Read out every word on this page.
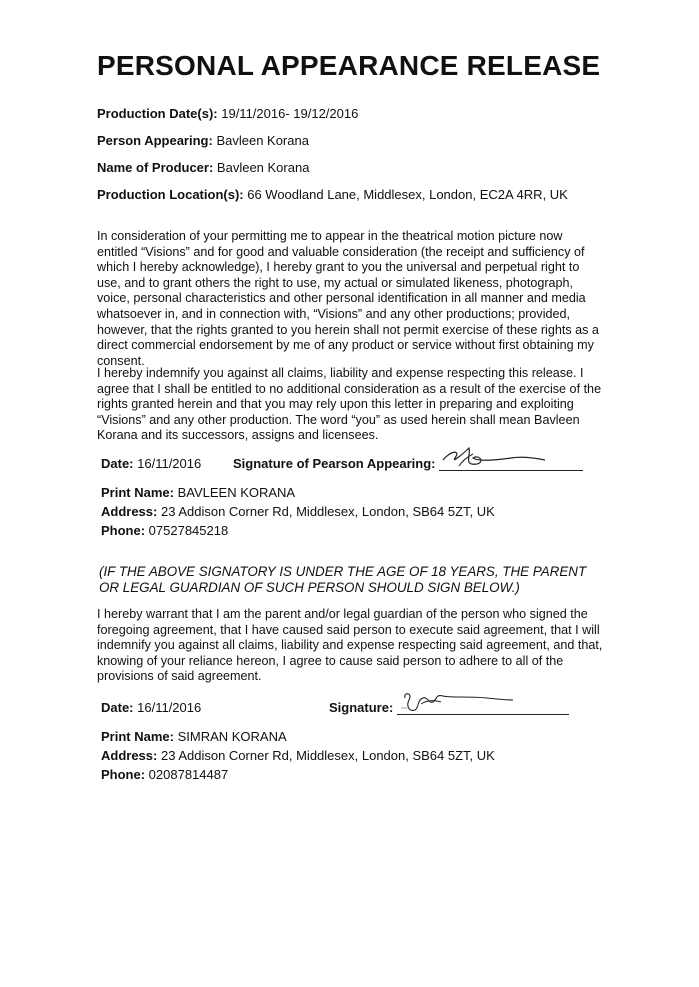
PERSONAL APPEARANCE RELEASE
Production Date(s): 19/11/2016- 19/12/2016
Person Appearing: Bavleen Korana
Name of Producer: Bavleen Korana
Production Location(s): 66 Woodland Lane, Middlesex, London, EC2A 4RR, UK
In consideration of your permitting me to appear in the theatrical motion picture now entitled “Visions” and for good and valuable consideration (the receipt and sufficiency of which I hereby acknowledge), I hereby grant to you the universal and perpetual right to use, and to grant others the right to use, my actual or simulated likeness, photograph, voice, personal characteristics and other personal identification in all manner and media whatsoever in, and in connection with, “Visions” and any other productions; provided, however, that the rights granted to you herein shall not permit exercise of these rights as a direct commercial endorsement by me of any product or service without first obtaining my consent.
I hereby indemnify you against all claims, liability and expense respecting this release. I agree that I shall be entitled to no additional consideration as a result of the exercise of the rights granted herein and that you may rely upon this letter in preparing and exploiting “Visions” and any other production. The word “you” as used herein shall mean Bavleen Korana and its successors, assigns and licensees.
Date: 16/11/2016 Signature of Pearson Appearing:
Print Name: BAVLEEN KORANA
Address: 23 Addison Corner Rd, Middlesex, London, SB64 5ZT, UK
Phone: 07527845218
(IF THE ABOVE SIGNATORY IS UNDER THE AGE OF 18 YEARS, THE PARENT OR LEGAL GUARDIAN OF SUCH PERSON SHOULD SIGN BELOW.)
I hereby warrant that I am the parent and/or legal guardian of the person who signed the foregoing agreement, that I have caused said person to execute said agreement, that I will indemnify you against all claims, liability and expense respecting said agreement, and that, knowing of your reliance hereon, I agree to cause said person to adhere to all of the provisions of said agreement.
Date: 16/11/2016	Signature:
Print Name: SIMRAN KORANA
Address: 23 Addison Corner Rd, Middlesex, London, SB64 5ZT, UK
Phone: 02087814487
